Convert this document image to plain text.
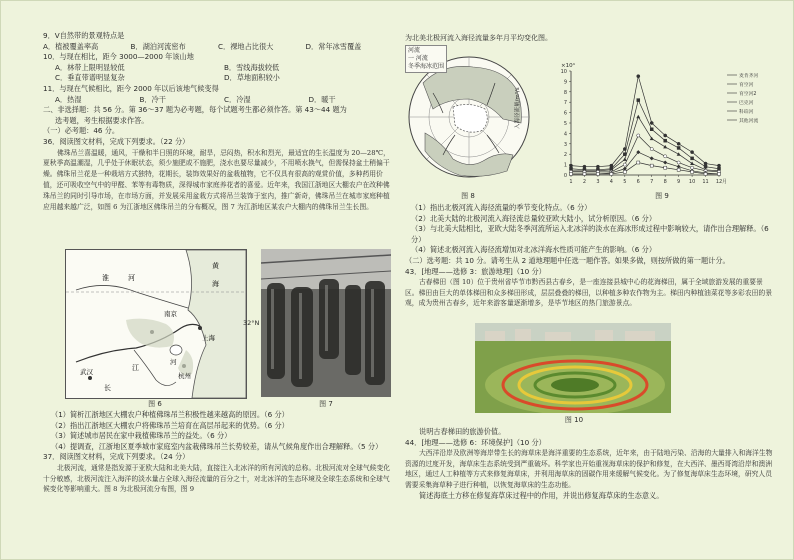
9．V自然带的景观特点是

A．植被覆盖率高	B．湖泊河流密布	C．裸地占比很大	D．常年冰雪覆盖

10．与现在相比，距今 3000—2000 年该山地

A．林带上限明显较低	B．雪线海拔较低
C．垂直带谱明显复杂	D．草地面积较小

11．与现在气候相比，距今 2000 年以后该地气候变得

A．热湿	B．冷干	C．冷湿	D．暖干

二、非选择题：共 56 分。第 36～37 题为必考题，每个试题考生都必须作答。第 43～44 题为

选考题，考生根据要求作答。

（一）必考题：46 分。

36．阅读图文材料，完成下列要求。（22 分）

佛珠吊兰喜温暖，通风，干燥和半日照的环境，耐旱，忌闷热，积水和烈光，最适宜的生长温度为 20—28℃，夏秋季高温潮湿，几乎处于休眠状态，须少施肥或不施肥，浇水也要尽量减少，不用喷水换气，但需保持盆土稍偏干燥。佛珠吊兰花是一种栽培方式独特，花期长，装饰效果好的盆栽植物，它不仅具有很高的观赏价值，多种药用价值，还可吸收空气中的甲醛、苯等有毒物质，深得城市家庭养花者的喜爱。近年来，我国江浙地区大棚农户在改种佛珠吊兰的同时引导市场，在市场方面，并发展采用盆栽方式将吊兰装饰于室内，推广新奇，佛珠吊兰在城市家庭种植应用越来越广泛，如图 6 为江浙地区佛珠吊兰的分布概况，图 7 为江浙地区某农户大棚内的佛珠吊兰生长图。

黄
海
淮	河
南京
上海
杭州
武汉
长
江
河
32°N
图 6	图 7

（1）简析江浙地区大棚农户种植佛珠吊兰积极性越来越高的原因。（6 分）

（2）指出江浙地区大棚农户将佛珠吊兰培育在高层吊起来的优势。（6 分）

（3）简述城市居民在家中栽植佛珠吊兰的益处。（6 分）

（4）提调查，江浙地区夏季城市家庭室内盆栽佛珠吊兰长势较差，请从气候角度作出合理解释。（5 分）

37．阅读图文材料，完成下列要求。（24 分）

北极河流，通常是指发源于亚欧大陆和北美大陆，直接注入北冰洋的所有河流的总称。北极河流对全球气候变化十分敏感，北极河流注入海洋的淡水量占全球入海径流量的百分之十，对北冰洋的生态环境及全球生态系统和全球气候变化等影响重大。图 8 为北极河流分布图，图 9

为北美北极河流入海径流量多年月平均变化图。
河流
一 河流
冬季海冰范围
图 8
0
1
2
3
4
5
6
7
8
9
10
1 2 3 4 5 6 7 8 9 10 11 12 月
麦肯齐河
育空河
育空河2
巴克河
科珀河
其他河流
×10⁴
入海径流量/m³/s
图 9

（1）指出北极河流入海径流量的季节变化特点。（6 分）

（2）北美大陆的北极河流入海径流总量较亚欧大陆小，试分析原因。（6 分）

（3）与北美大陆相比，亚欧大陆冬季河流所运入北冰洋的淡水在海冰形成过程中影响较大，请作出合理解释。（6 分）

（4）简述北极河流入海径流增加对北冰洋海水性质可能产生的影响。（6 分）

（二）选考题：共 10 分。请考生从 2 道地理题中任选一题作答。如果多做，则按所做的第一题计分。

43．[地理——选修 3：旅游地理]（10 分）

古春梯田（图 10）位于贵州省毕节市黔西县古春乡，是一座连接县城中心的花海梯田，属于全域旅游发展的重要景区。梯田由巨大的单体梯田和众多梯田形成，层层叠叠的梯田，以种植多种农作物为主。梯田内种植油菜花等多彩农田的景观，成为贵州古春乡，近年来游客量逐渐增多，是毕节地区的热门旅游景点。

图 10

说明古春梯田的旅游价值。

44．[地理——选修 6：环境保护]（10 分）

大西洋沿岸及欧洲等海岸带生长的海草床是海洋重要的生态系统，近年来，由于陆地污染、沿海的大量排入和海洋生物资源的过度开发，海草床生态系统受到严重破坏。科学家也开始重视海草床的保护和修复，在大西洋、墨西哥湾沿岸和澳洲地区，通过人工种植等方式来修复海草床，并利用海草床的固碳作用来缓解气候变化。为了修复海草床生态环境，研究人员需要采集海草种子进行种植，以恢复海草床的生态功能。

简述海底土方移在修复海草床过程中的作用，并说出修复海草床的生态意义。
